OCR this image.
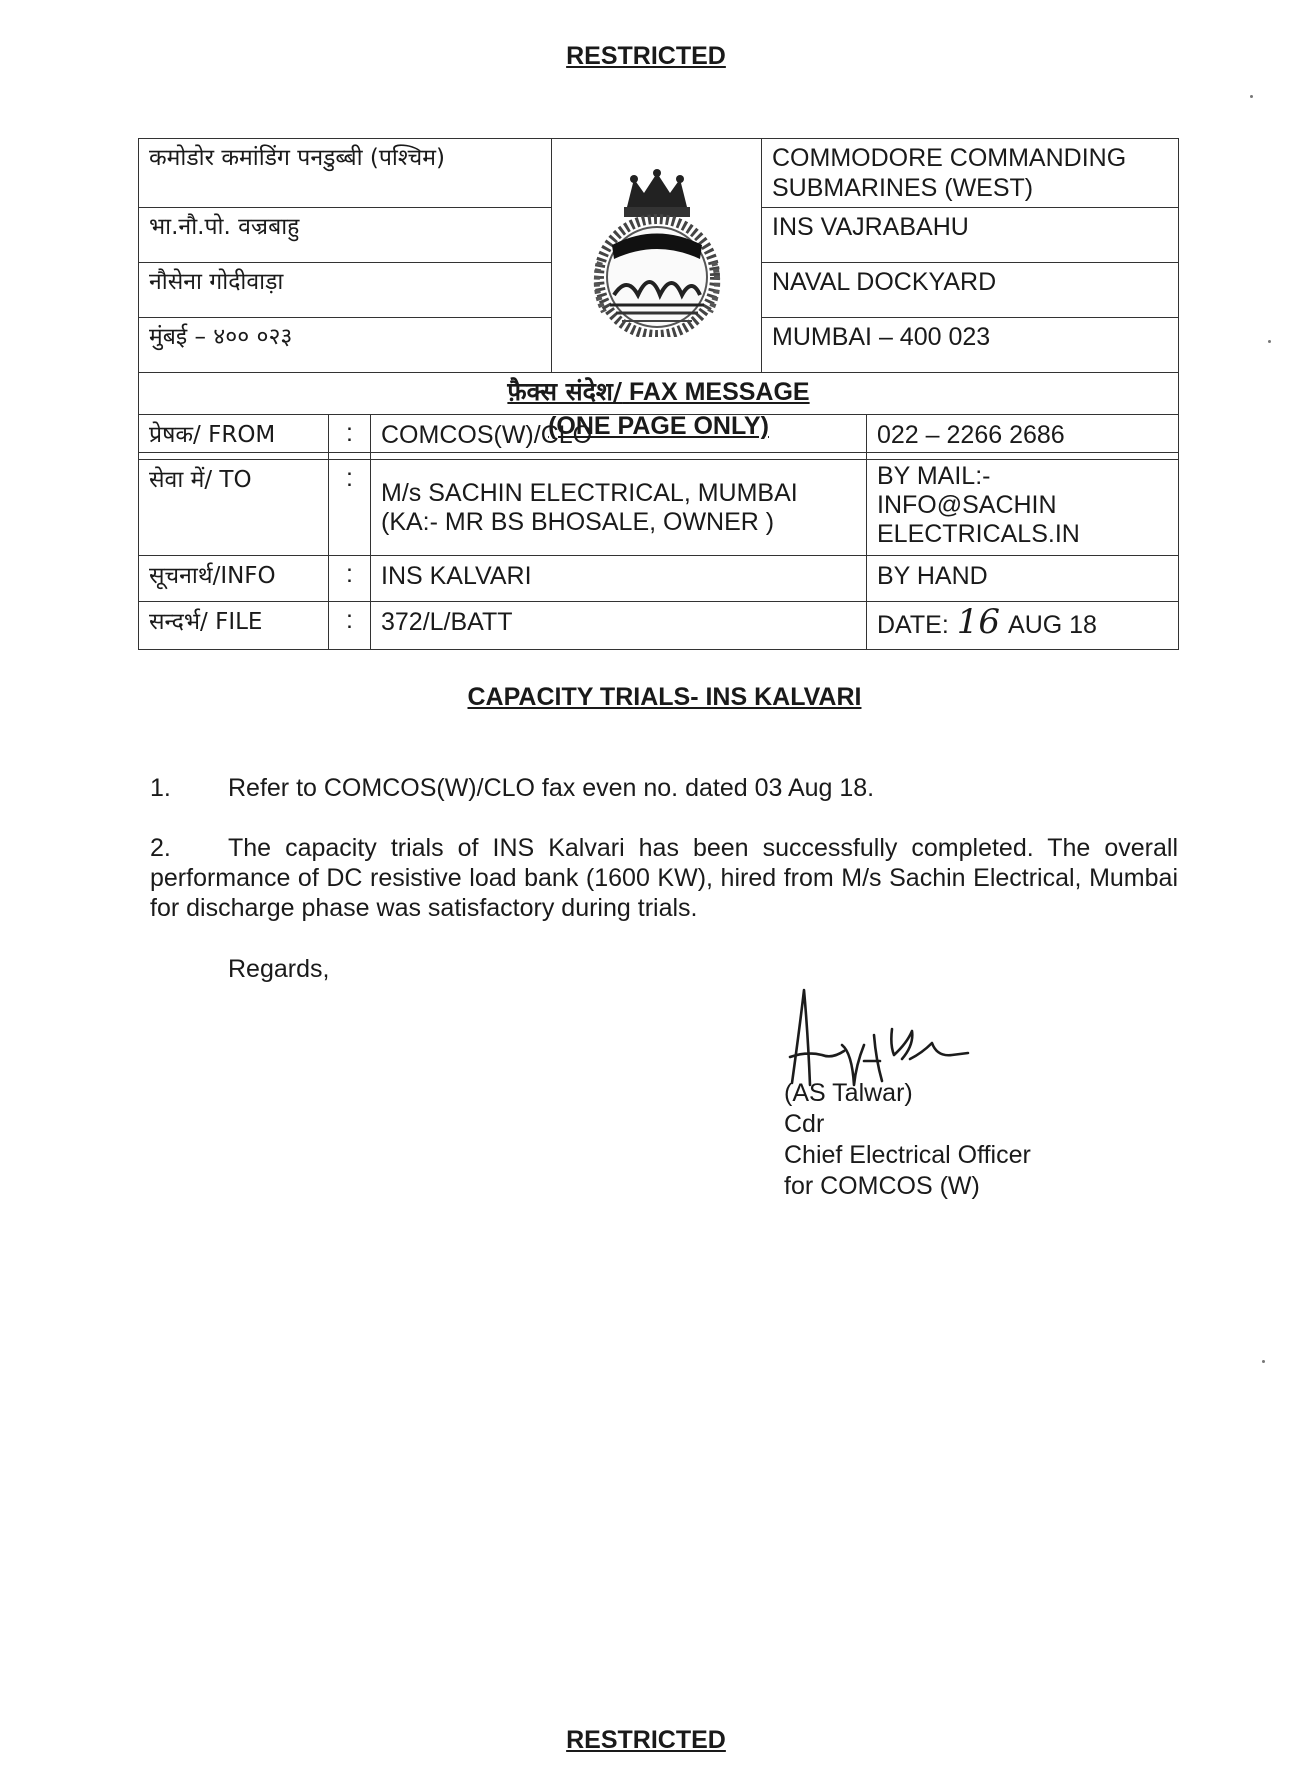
RESTRICTED
कमोडोर कमांडिंग पनडुब्बी (पश्चिम)		COMMODORE COMMANDING SUBMARINES (WEST)
भा.नौ.पो. वज्रबाहु		INS VAJRABAHU
नौसेना गोदीवाड़ा		NAVAL DOCKYARD
मुंबई – ४०० ०२३		MUMBAI – 400 023

फ़ैक्स संदेश/ FAX MESSAGE
(ONE PAGE ONLY)		
प्रेषक/ FROM	:	COMCOS(W)/CLO	022 – 2266 2686
सेवा में/ TO	:	M/s SACHIN ELECTRICAL, MUMBAI (KA:- MR BS BHOSALE, OWNER )	BY MAIL:- INFO@SACHIN ELECTRICALS.IN
सूचनार्थ/INFO	:	INS KALVARI	BY HAND
सन्दर्भ/ FILE	:	372/L/BATT	DATE: 16 AUG 18
CAPACITY TRIALS- INS KALVARI
1. Refer to COMCOS(W)/CLO fax even no. dated 03 Aug 18.
2. The capacity trials of INS Kalvari has been successfully completed. The overall performance of DC resistive load bank (1600 KW), hired from M/s Sachin Electrical, Mumbai for discharge phase was satisfactory during trials.
Regards,
(AS Talwar)
Cdr
Chief Electrical Officer
for COMCOS (W)
RESTRICTED
